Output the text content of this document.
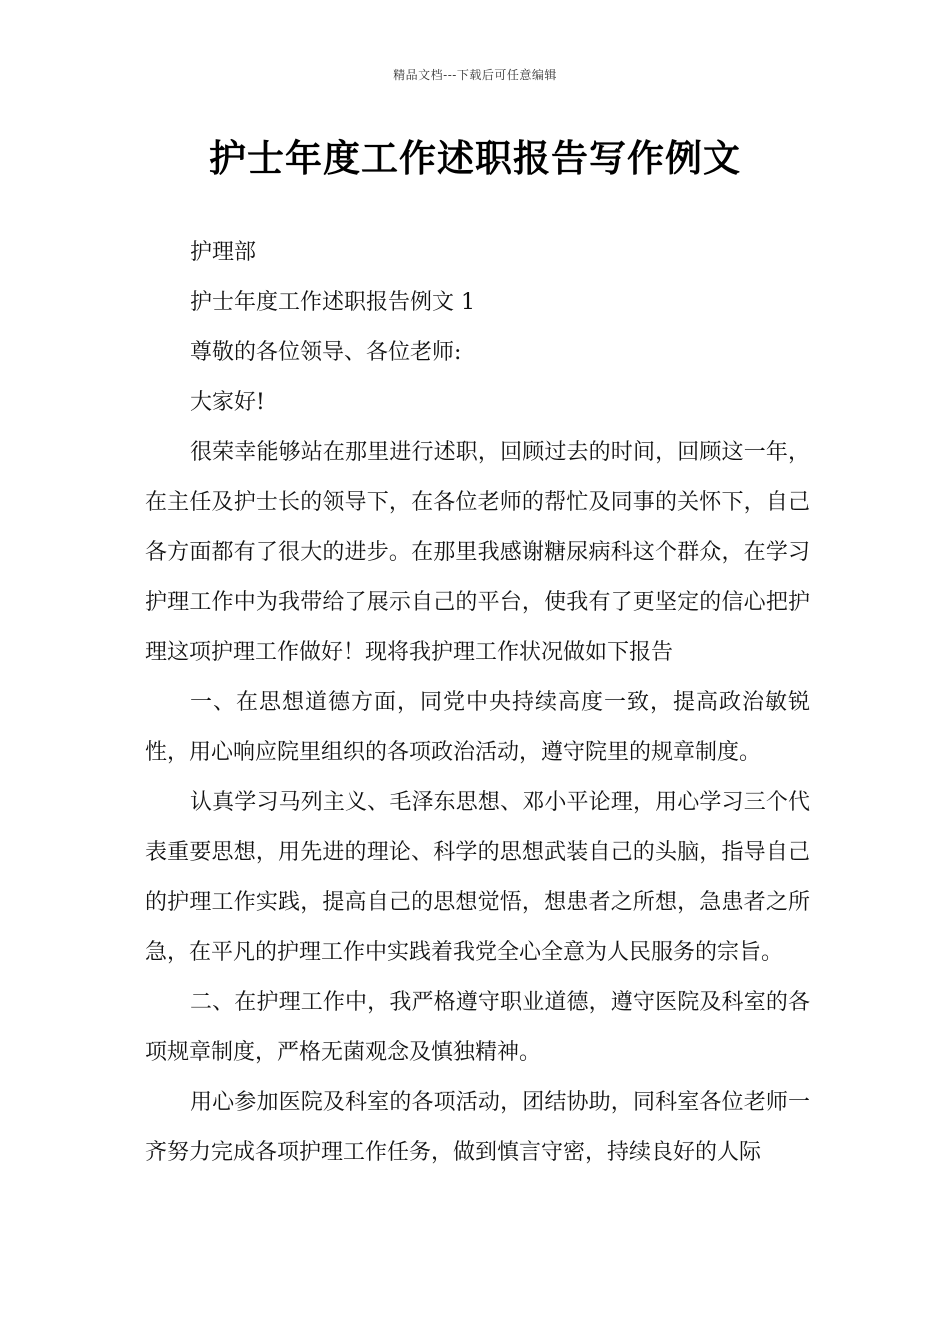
精品文档---下载后可任意编辑
护士年度工作述职报告写作例文

护理部

护士年度工作述职报告例文 1

尊敬的各位领导、各位老师:

大家好!

很荣幸能够站在那里进行述职，回顾过去的时间，回顾这一年，在主任及护士长的领导下，在各位老师的帮忙及同事的关怀下，自己各方面都有了很大的进步。在那里我感谢糖尿病科这个群众，在学习护理工作中为我带给了展示自己的平台，使我有了更坚定的信心把护理这项护理工作做好！现将我护理工作状况做如下报告

一、在思想道德方面，同党中央持续高度一致，提高政治敏锐性，用心响应院里组织的各项政治活动，遵守院里的规章制度。

认真学习马列主义、毛泽东思想、邓小平论理，用心学习三个代表重要思想，用先进的理论、科学的思想武装自己的头脑，指导自己的护理工作实践，提高自己的思想觉悟，想患者之所想，急患者之所急，在平凡的护理工作中实践着我党全心全意为人民服务的宗旨。

二、在护理工作中，我严格遵守职业道德，遵守医院及科室的各项规章制度，严格无菌观念及慎独精神。

用心参加医院及科室的各项活动，团结协助，同科室各位老师一齐努力完成各项护理工作任务，做到慎言守密，持续良好的人际
